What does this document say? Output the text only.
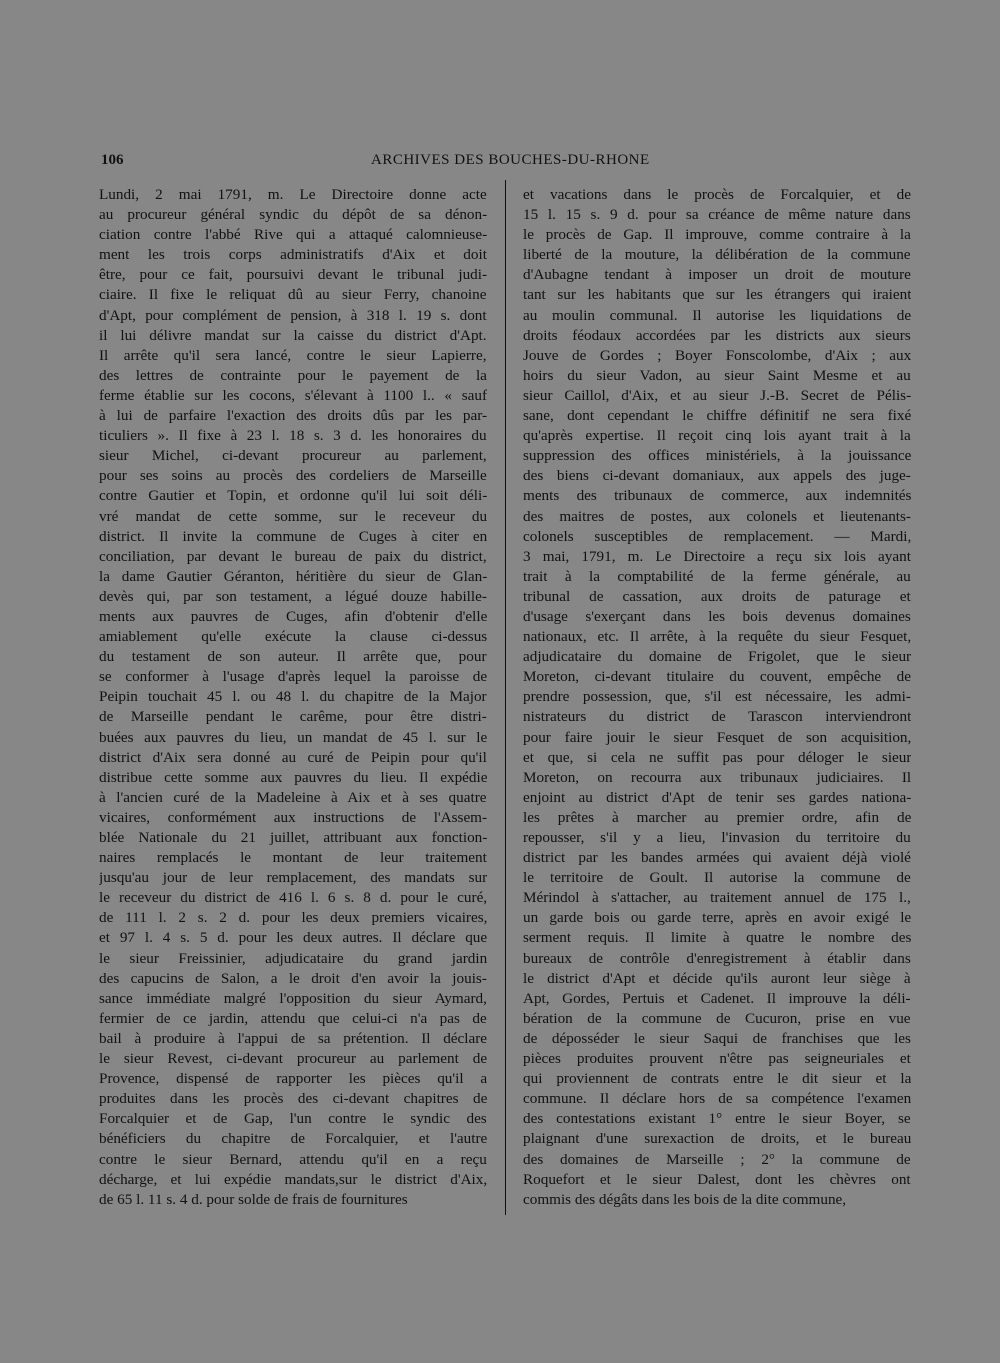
106	ARCHIVES DES BOUCHES-DU-RHONE
Lundi, 2 mai 1791, m. Le Directoire donne acte
au procureur général syndic du dépôt de sa dénon-
ciation contre l'abbé Rive qui a attaqué calomnieuse-
ment les trois corps administratifs d'Aix et doit
être, pour ce fait, poursuivi devant le tribunal judi-
ciaire. Il fixe le reliquat dû au sieur Ferry, chanoine
d'Apt, pour complément de pension, à 318 l. 19 s. dont
il lui délivre mandat sur la caisse du district d'Apt.
Il arrête qu'il sera lancé, contre le sieur Lapierre,
des lettres de contrainte pour le payement de la
ferme établie sur les cocons, s'élevant à 1100 l.. « sauf
à lui de parfaire l'exaction des droits dûs par les par-
ticuliers ». Il fixe à 23 l. 18 s. 3 d. les honoraires du
sieur Michel, ci-devant procureur au parlement,
pour ses soins au procès des cordeliers de Marseille
contre Gautier et Topin, et ordonne qu'il lui soit déli-
vré mandat de cette somme, sur le receveur du
district. Il invite la commune de Cuges à citer en
conciliation, par devant le bureau de paix du district,
la dame Gautier Géranton, héritière du sieur de Glan-
devès qui, par son testament, a légué douze habille-
ments aux pauvres de Cuges, afin d'obtenir d'elle
amiablement qu'elle exécute la clause ci-dessus
du testament de son auteur. Il arrête que, pour
se conformer à l'usage d'après lequel la paroisse de
Peipin touchait 45 l. ou 48 l. du chapitre de la Major
de Marseille pendant le carême, pour être distri-
buées aux pauvres du lieu, un mandat de 45 l. sur le
district d'Aix sera donné au curé de Peipin pour qu'il
distribue cette somme aux pauvres du lieu. Il expédie
à l'ancien curé de la Madeleine à Aix et à ses quatre
vicaires, conformément aux instructions de l'Assem-
blée Nationale du 21 juillet, attribuant aux fonction-
naires remplacés le montant de leur traitement
jusqu'au jour de leur remplacement, des mandats sur
le receveur du district de 416 l. 6 s. 8 d. pour le curé,
de 111 l. 2 s. 2 d. pour les deux premiers vicaires,
et 97 l. 4 s. 5 d. pour les deux autres. Il déclare que
le sieur Freissinier, adjudicataire du grand jardin
des capucins de Salon, a le droit d'en avoir la jouis-
sance immédiate malgré l'opposition du sieur Aymard,
fermier de ce jardin, attendu que celui-ci n'a pas de
bail à produire à l'appui de sa prétention. Il déclare
le sieur Revest, ci-devant procureur au parlement de
Provence, dispensé de rapporter les pièces qu'il a
produites dans les procès des ci-devant chapitres de
Forcalquier et de Gap, l'un contre le syndic des
bénéficiers du chapitre de Forcalquier, et l'autre
contre le sieur Bernard, attendu qu'il en a reçu
décharge, et lui expédie mandats,sur le district d'Aix,
de 65 l. 11 s. 4 d. pour solde de frais de fournitures
et vacations dans le procès de Forcalquier, et de
15 l. 15 s. 9 d. pour sa créance de même nature dans
le procès de Gap. Il improuve, comme contraire à la
liberté de la mouture, la délibération de la commune
d'Aubagne tendant à imposer un droit de mouture
tant sur les habitants que sur les étrangers qui iraient
au moulin communal. Il autorise les liquidations de
droits féodaux accordées par les districts aux sieurs
Jouve de Gordes ; Boyer Fonscolombe, d'Aix ; aux
hoirs du sieur Vadon, au sieur Saint Mesme et au
sieur Caillol, d'Aix, et au sieur J.-B. Secret de Pélis-
sane, dont cependant le chiffre définitif ne sera fixé
qu'après expertise. Il reçoit cinq lois ayant trait à la
suppression des offices ministériels, à la jouissance
des biens ci-devant domaniaux, aux appels des juge-
ments des tribunaux de commerce, aux indemnités
des maitres de postes, aux colonels et lieutenants-
colonels susceptibles de remplacement. — Mardi,
3 mai, 1791, m. Le Directoire a reçu six lois ayant
trait à la comptabilité de la ferme générale, au
tribunal de cassation, aux droits de paturage et
d'usage s'exerçant dans les bois devenus domaines
nationaux, etc. Il arrête, à la requête du sieur Fesquet,
adjudicataire du domaine de Frigolet, que le sieur
Moreton, ci-devant titulaire du couvent, empêche de
prendre possession, que, s'il est nécessaire, les admi-
nistrateurs du district de Tarascon interviendront
pour faire jouir le sieur Fesquet de son acquisition,
et que, si cela ne suffit pas pour déloger le sieur
Moreton, on recourra aux tribunaux judiciaires. Il
enjoint au district d'Apt de tenir ses gardes nationa-
les prêtes à marcher au premier ordre, afin de
repousser, s'il y a lieu, l'invasion du territoire du
district par les bandes armées qui avaient déjà violé
le territoire de Goult. Il autorise la commune de
Mérindol à s'attacher, au traitement annuel de 175 l.,
un garde bois ou garde terre, après en avoir exigé le
serment requis. Il limite à quatre le nombre des
bureaux de contrôle d'enregistrement à établir dans
le district d'Apt et décide qu'ils auront leur siège à
Apt, Gordes, Pertuis et Cadenet. Il improuve la déli-
bération de la commune de Cucuron, prise en vue
de déposséder le sieur Saqui de franchises que les
pièces produites prouvent n'être pas seigneuriales et
qui proviennent de contrats entre le dit sieur et la
commune. Il déclare hors de sa compétence l'examen
des contestations existant 1° entre le sieur Boyer, se
plaignant d'une surexaction de droits, et le bureau
des domaines de Marseille ; 2° la commune de
Roquefort et le sieur Dalest, dont les chèvres ont
commis des dégâts dans les bois de la dite commune,
